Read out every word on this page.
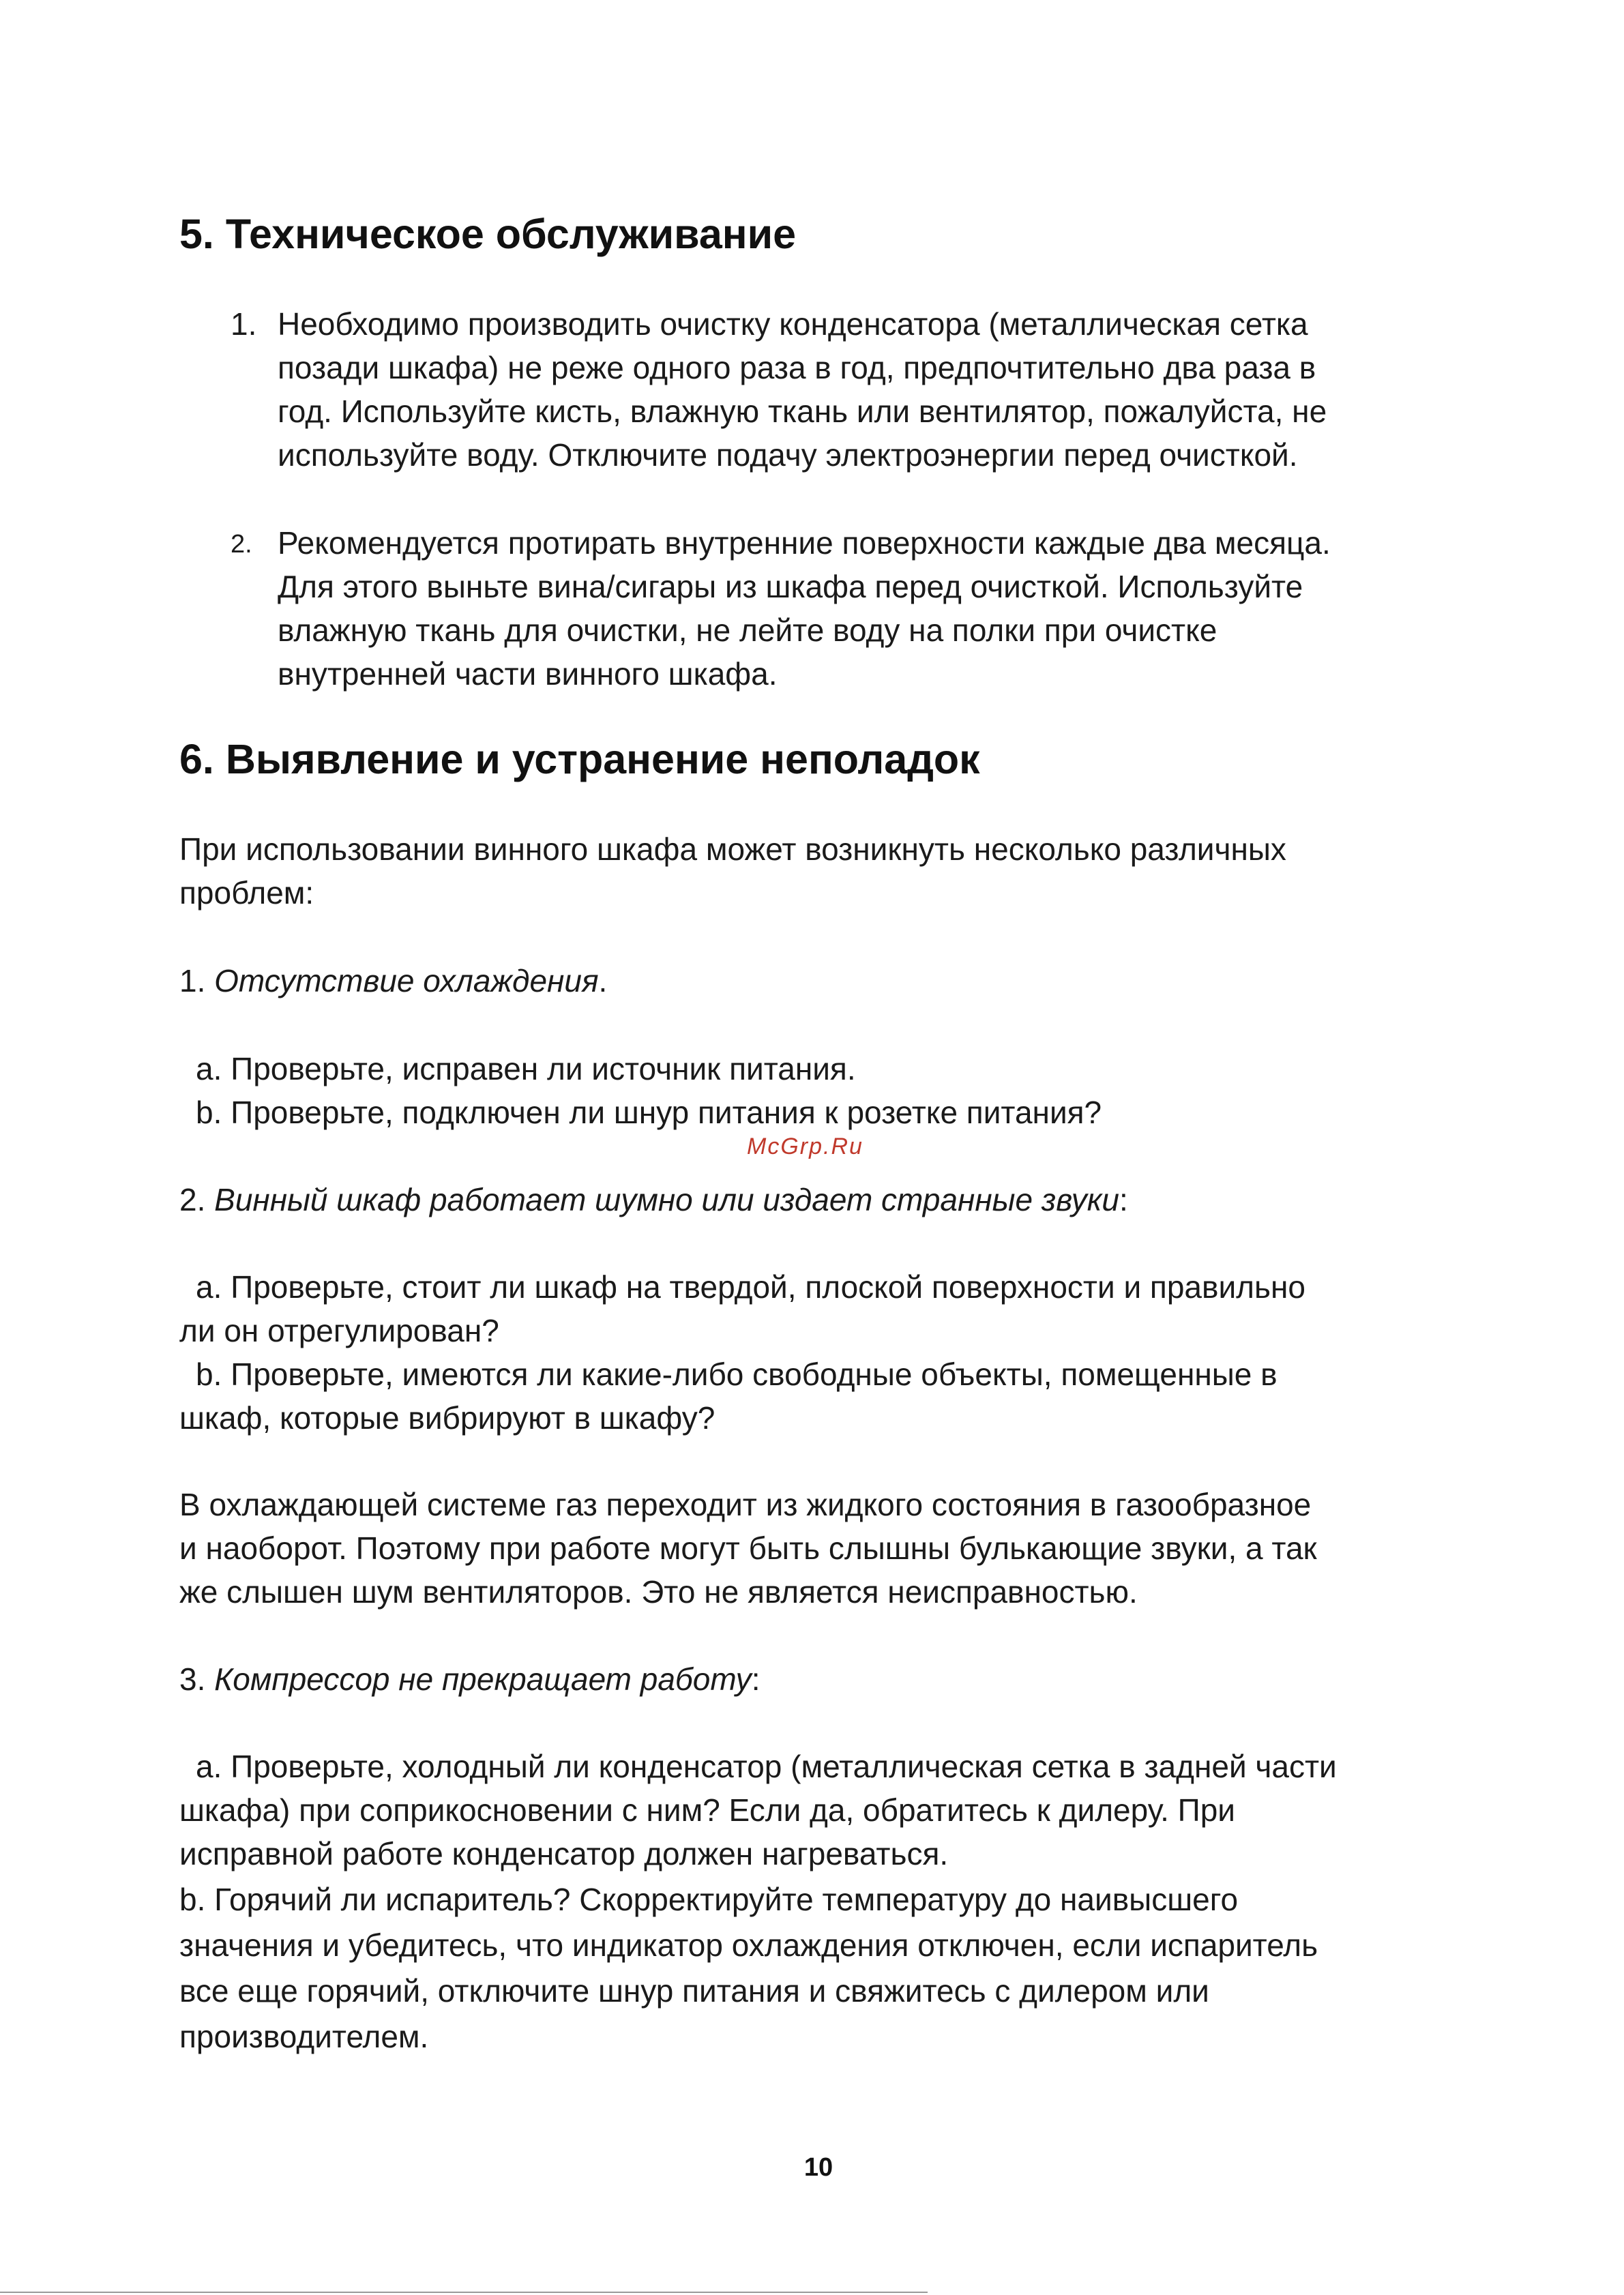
5. Техническое обслуживание
1. Необходимо производить очистку конденсатора (металлическая сетка
позади шкафа) не реже одного раза в год, предпочтительно два раза в
год. Используйте кисть, влажную ткань или вентилятор, пожалуйста, не
используйте воду. Отключите подачу электроэнергии перед очисткой.
2. Рекомендуется протирать внутренние поверхности каждые два месяца.
Для этого выньте вина/сигары из шкафа перед очисткой. Используйте
влажную ткань для очистки, не лейте воду на полки при очистке
внутренней части винного шкафа.
6. Выявление и устранение неполадок
При использовании винного шкафа может возникнуть несколько различных
проблем:
1. Отсутствие охлаждения.
a. Проверьте, исправен ли источник питания.
b. Проверьте, подключен ли шнур питания к розетке питания?
McGrp.Ru
2. Винный шкаф работает шумно или издает странные звуки:
a. Проверьте, стоит ли шкаф на твердой, плоской поверхности и правильно
ли он отрегулирован?
b. Проверьте, имеются ли какие-либо свободные объекты, помещенные в
шкаф, которые вибрируют в шкафу?
В охлаждающей системе газ переходит из жидкого состояния в газообразное
и наоборот. Поэтому при работе могут быть слышны булькающие звуки, а так
же слышен шум вентиляторов. Это не является неисправностью.
3. Компрессор не прекращает работу:
a. Проверьте, холодный ли конденсатор (металлическая сетка в задней части
шкафа) при соприкосновении с ним? Если да, обратитесь к дилеру. При
исправной работе конденсатор должен нагреваться.
b. Горячий ли испаритель? Скорректируйте температуру до наивысшего
значения и убедитесь, что индикатор охлаждения отключен, если испаритель
все еще горячий, отключите шнур питания и свяжитесь с дилером или
производителем.
10
